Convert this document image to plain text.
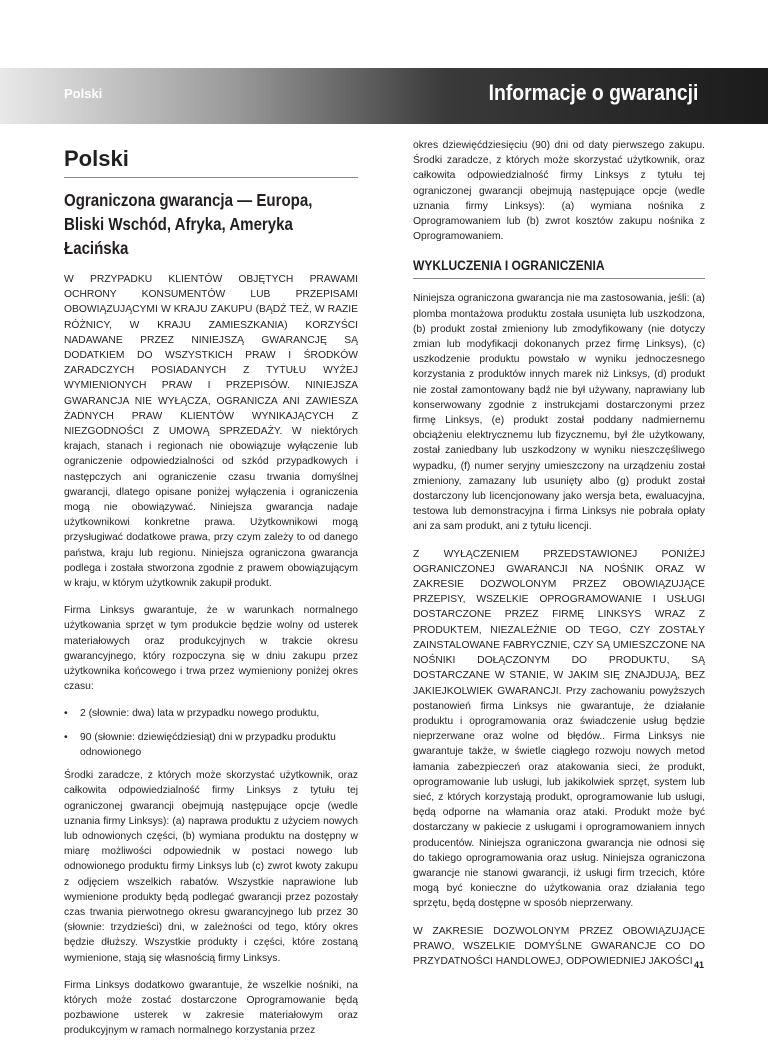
Polski	Informacje o gwarancji
Polski
Ograniczona gwarancja — Europa, Bliski Wschód, Afryka, Ameryka Łacińska

W PRZYPADKU KLIENTÓW OBJĘTYCH PRAWAMI OCHRONY KONSUMENTÓW LUB PRZEPISAMI OBOWIĄZUJĄCYMI W KRAJU ZAKUPU (BĄDŹ TEŻ, W RAZIE RÓŻNICY, W KRAJU ZAMIESZKANIA) KORZYŚCI NADAWANE PRZEZ NINIEJSZĄ GWARANCJĘ SĄ DODATKIEM DO WSZYSTKICH PRAW I ŚRODKÓW ZARADCZYCH POSIADANYCH Z TYTUŁU WYŻEJ WYMIENIONYCH PRAW I PRZEPISÓW. NINIEJSZA GWARANCJA NIE WYŁĄCZA, OGRANICZA ANI ZAWIESZA ŻADNYCH PRAW KLIENTÓW WYNIKAJĄCYCH Z NIEZGODNOŚCI Z UMOWĄ SPRZEDAŻY. W niektórych krajach, stanach i regionach nie obowiązuje wyłączenie lub ograniczenie odpowiedzialności od szkód przypadkowych i następczych ani ograniczenie czasu trwania domyślnej gwarancji, dlatego opisane poniżej wyłączenia i ograniczenia mogą nie obowiązywać. Niniejsza gwarancja nadaje użytkownikowi konkretne prawa. Użytkownikowi mogą przysługiwać dodatkowe prawa, przy czym zależy to od danego państwa, kraju lub regionu. Niniejsza ograniczona gwarancja podlega i została stworzona zgodnie z prawem obowiązującym w kraju, w którym użytkownik zakupił produkt.

Firma Linksys gwarantuje, że w warunkach normalnego użytkowania sprzęt w tym produkcie będzie wolny od usterek materiałowych oraz produkcyjnych w trakcie okresu gwarancyjnego, który rozpoczyna się w dniu zakupu przez użytkownika końcowego i trwa przez wymieniony poniżej okres czasu:

• 2 (słownie: dwa) lata w przypadku nowego produktu,
• 90 (słownie: dziewięćdziesiąt) dni w przypadku produktu odnowionego

Środki zaradcze, z których może skorzystać użytkownik, oraz całkowita odpowiedzialność firmy Linksys z tytułu tej ograniczonej gwarancji obejmują następujące opcje (wedle uznania firmy Linksys): (a) naprawa produktu z użyciem nowych lub odnowionych części, (b) wymiana produktu na dostępny w miarę możliwości odpowiednik w postaci nowego lub odnowionego produktu firmy Linksys lub (c) zwrot kwoty zakupu z odjęciem wszelkich rabatów. Wszystkie naprawione lub wymienione produkty będą podlegać gwarancji przez pozostały czas trwania pierwotnego okresu gwarancyjnego lub przez 30 (słownie: trzydzieści) dni, w zależności od tego, który okres będzie dłuższy. Wszystkie produkty i części, które zostaną wymienione, stają się własnością firmy Linksys.

Firma Linksys dodatkowo gwarantuje, że wszelkie nośniki, na których może zostać dostarczone Oprogramowanie będą pozbawione usterek w zakresie materiałowym oraz produkcyjnym w ramach normalnego korzystania przez

okres dziewięćdziesięciu (90) dni od daty pierwszego zakupu. Środki zaradcze, z których może skorzystać użytkownik, oraz całkowita odpowiedzialność firmy Linksys z tytułu tej ograniczonej gwarancji obejmują następujące opcje (wedle uznania firmy Linksys): (a) wymiana nośnika z Oprogramowaniem lub (b) zwrot kosztów zakupu nośnika z Oprogramowaniem.

WYKLUCZENIA I OGRANICZENIA

Niniejsza ograniczona gwarancja nie ma zastosowania, jeśli: (a) plomba montażowa produktu została usunięta lub uszkodzona, (b) produkt został zmieniony lub zmodyfikowany (nie dotyczy zmian lub modyfikacji dokonanych przez firmę Linksys), (c) uszkodzenie produktu powstało w wyniku jednoczesnego korzystania z produktów innych marek niż Linksys, (d) produkt nie został zamontowany bądź nie był używany, naprawiany lub konserwowany zgodnie z instrukcjami dostarczonymi przez firmę Linksys, (e) produkt został poddany nadmiernemu obciążeniu elektrycznemu lub fizycznemu, był źle użytkowany, został zaniedbany lub uszkodzony w wyniku nieszczęśliwego wypadku, (f) numer seryjny umieszczony na urządzeniu został zmieniony, zamazany lub usunięty albo (g) produkt został dostarczony lub licencjonowany jako wersja beta, ewaluacyjna, testowa lub demonstracyjna i firma Linksys nie pobrała opłaty ani za sam produkt, ani z tytułu licencji.

Z WYŁĄCZENIEM PRZEDSTAWIONEJ PONIŻEJ OGRANICZONEJ GWARANCJI NA NOŚNIK ORAZ W ZAKRESIE DOZWOLONYM PRZEZ OBOWIĄZUJĄCE PRZEPISY, WSZELKIE OPROGRAMOWANIE I USŁUGI DOSTARCZONE PRZEZ FIRMĘ LINKSYS WRAZ Z PRODUKTEM, NIEZALEŻNIE OD TEGO, CZY ZOSTAŁY ZAINSTALOWANE FABRYCZNIE, CZY SĄ UMIESZCZONE NA NOŚNIKI DOŁĄCZONYM DO PRODUKTU, SĄ DOSTARCZANE W STANIE, W JAKIM SIĘ ZNAJDUJĄ, BEZ JAKIEJKOLWIEK GWARANCJI. Przy zachowaniu powyższych postanowień firma Linksys nie gwarantuje, że działanie produktu i oprogramowania oraz świadczenie usług będzie nieprzerwane oraz wolne od błędów.. Firma Linksys nie gwarantuje także, w świetle ciągłego rozwoju nowych metod łamania zabezpieczeń oraz atakowania sieci, że produkt, oprogramowanie lub usługi, lub jakikolwiek sprzęt, system lub sieć, z których korzystają produkt, oprogramowanie lub usługi, będą odporne na włamania oraz ataki. Produkt może być dostarczany w pakiecie z usługami i oprogramowaniem innych producentów. Niniejsza ograniczona gwarancja nie odnosi się do takiego oprogramowania oraz usług. Niniejsza ograniczona gwarancje nie stanowi gwarancji, iż usługi firm trzecich, które mogą być konieczne do użytkowania oraz działania tego sprzętu, będą dostępne w sposób nieprzerwany.

W ZAKRESIE DOZWOLONYM PRZEZ OBOWIĄZUJĄCE PRAWO, WSZELKIE DOMYŚLNE GWARANCJE CO DO PRZYDATNOŚCI HANDLOWEJ, ODPOWIEDNIEJ JAKOŚCI 41
